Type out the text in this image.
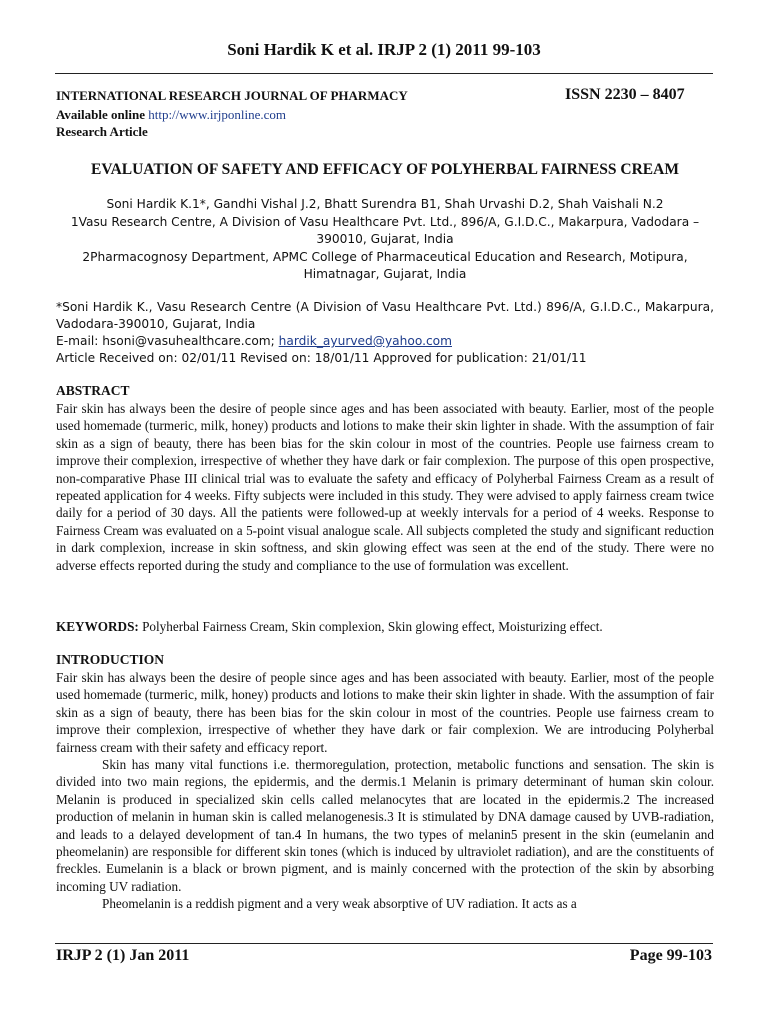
Soni Hardik K et al. IRJP 2 (1) 2011 99-103
INTERNATIONAL RESEARCH JOURNAL OF PHARMACY	ISSN 2230 – 8407
Available online http://www.irjponline.com
Research Article
EVALUATION OF SAFETY AND EFFICACY OF POLYHERBAL FAIRNESS CREAM
Soni Hardik K.1*, Gandhi Vishal J.2, Bhatt Surendra B1, Shah Urvashi D.2, Shah Vaishali N.2
1Vasu Research Centre, A Division of Vasu Healthcare Pvt. Ltd., 896/A, G.I.D.C., Makarpura, Vadodara – 390010, Gujarat, India
2Pharmacognosy Department, APMC College of Pharmaceutical Education and Research, Motipura, Himatnagar, Gujarat, India
*Soni Hardik K., Vasu Research Centre (A Division of Vasu Healthcare Pvt. Ltd.) 896/A, G.I.D.C., Makarpura, Vadodara-390010, Gujarat, India
E-mail: hsoni@vasuhealthcare.com; hardik_ayurved@yahoo.com
Article Received on: 02/01/11 Revised on: 18/01/11 Approved for publication: 21/01/11
ABSTRACT
Fair skin has always been the desire of people since ages and has been associated with beauty. Earlier, most of the people used homemade (turmeric, milk, honey) products and lotions to make their skin lighter in shade. With the assumption of fair skin as a sign of beauty, there has been bias for the skin colour in most of the countries. People use fairness cream to improve their complexion, irrespective of whether they have dark or fair complexion. The purpose of this open prospective, non-comparative Phase III clinical trial was to evaluate the safety and efficacy of Polyherbal Fairness Cream as a result of repeated application for 4 weeks. Fifty subjects were included in this study. They were advised to apply fairness cream twice daily for a period of 30 days. All the patients were followed-up at weekly intervals for a period of 4 weeks. Response to Fairness Cream was evaluated on a 5-point visual analogue scale. All subjects completed the study and significant reduction in dark complexion, increase in skin softness, and skin glowing effect was seen at the end of the study. There were no adverse effects reported during the study and compliance to the use of formulation was excellent.
KEYWORDS: Polyherbal Fairness Cream, Skin complexion, Skin glowing effect, Moisturizing effect.
INTRODUCTION

Fair skin has always been the desire of people since ages and has been associated with beauty. Earlier, most of the people used homemade (turmeric, milk, honey) products and lotions to make their skin lighter in shade. With the assumption of fair skin as a sign of beauty, there has been bias for the skin colour in most of the countries. People use fairness cream to improve their complexion, irrespective of whether they have dark or fair complexion. We are introducing Polyherbal fairness cream with their safety and efficacy report.

Skin has many vital functions i.e. thermoregulation, protection, metabolic functions and sensation. The skin is divided into two main regions, the epidermis, and the dermis.1 Melanin is primary determinant of human skin colour. Melanin is produced in specialized skin cells called melanocytes that are located in the epidermis.2 The increased production of melanin in human skin is called melanogenesis.3 It is stimulated by DNA damage caused by UVB-radiation, and leads to a delayed development of tan.4 In humans, the two types of melanin5 present in the skin (eumelanin and pheomelanin) are responsible for different skin tones (which is induced by ultraviolet radiation), and are the constituents of freckles. Eumelanin is a black or brown pigment, and is mainly concerned with the protection of the skin by absorbing incoming UV radiation.

Pheomelanin is a reddish pigment and a very weak absorptive of UV radiation. It acts as a

IRJP 2 (1) Jan 2011	Page 99-103
